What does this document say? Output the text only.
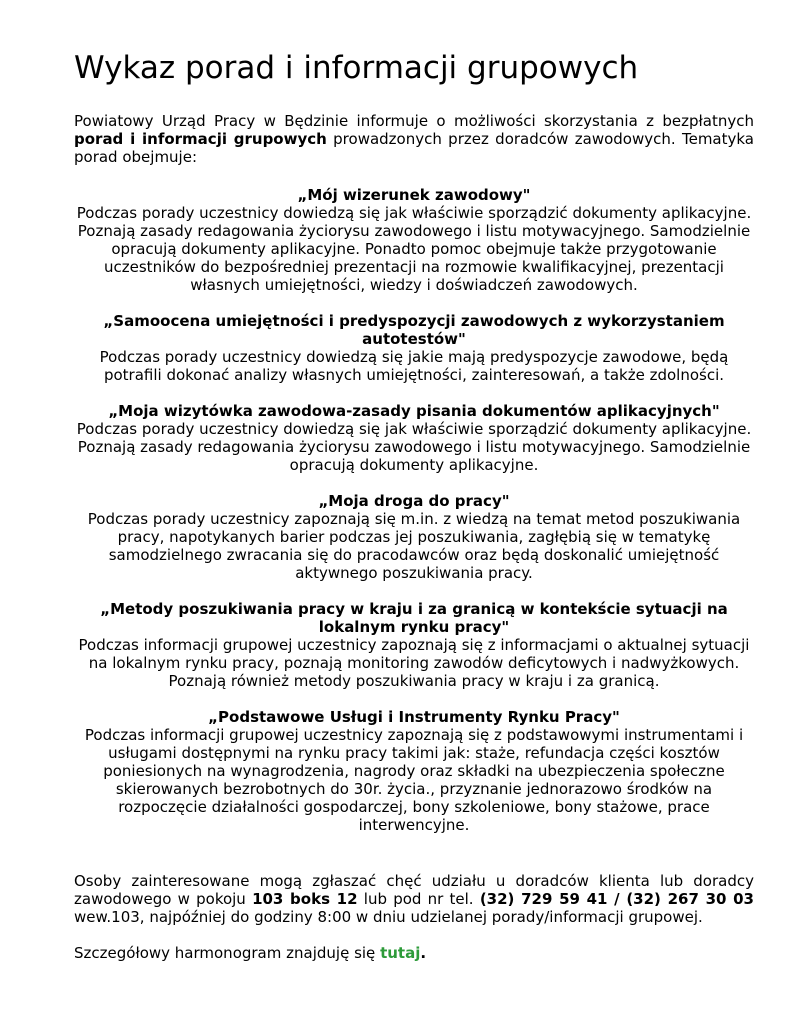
Wykaz porad i informacji grupowych

Powiatowy Urząd Pracy w Będzinie informuje o możliwości skorzystania z bezpłatnych porad i informacji grupowych prowadzonych przez doradców zawodowych. Tematyka porad obejmuje:

„Mój wizerunek zawodowy"
Podczas porady uczestnicy dowiedzą się jak właściwie sporządzić dokumenty aplikacyjne. Poznają zasady redagowania życiorysu zawodowego i listu motywacyjnego. Samodzielnie opracują dokumenty aplikacyjne. Ponadto pomoc obejmuje także przygotowanie uczestników do bezpośredniej prezentacji na rozmowie kwalifikacyjnej, prezentacji własnych umiejętności, wiedzy i doświadczeń zawodowych.
„Samoocena umiejętności i predyspozycji zawodowych z wykorzystaniem autotestów"
Podczas porady uczestnicy dowiedzą się jakie mają predyspozycje zawodowe, będą potrafili dokonać analizy własnych umiejętności, zainteresowań, a także zdolności.
„Moja wizytówka zawodowa-zasady pisania dokumentów aplikacyjnych"
Podczas porady uczestnicy dowiedzą się jak właściwie sporządzić dokumenty aplikacyjne. Poznają zasady redagowania życiorysu zawodowego i listu motywacyjnego. Samodzielnie opracują dokumenty aplikacyjne.
„Moja droga do pracy"
Podczas porady uczestnicy zapoznają się m.in. z wiedzą na temat metod poszukiwania pracy, napotykanych barier podczas jej poszukiwania, zagłębią się w tematykę samodzielnego zwracania się do pracodawców oraz będą doskonalić umiejętność aktywnego poszukiwania pracy.
„Metody poszukiwania pracy w kraju i za granicą w kontekście sytuacji na lokalnym rynku pracy"
Podczas informacji grupowej uczestnicy zapoznają się z informacjami o aktualnej sytuacji na lokalnym rynku pracy, poznają monitoring zawodów deficytowych i nadwyżkowych. Poznają również metody poszukiwania pracy w kraju i za granicą.
„Podstawowe Usługi i Instrumenty Rynku Pracy"
Podczas informacji grupowej uczestnicy zapoznają się z podstawowymi instrumentami i usługami dostępnymi na rynku pracy takimi jak: staże, refundacja części kosztów poniesionych na wynagrodzenia, nagrody oraz składki na ubezpieczenia społeczne skierowanych bezrobotnych do 30r. życia., przyznanie jednorazowo środków na rozpoczęcie działalności gospodarczej, bony szkoleniowe, bony stażowe, prace interwencyjne.

Osoby zainteresowane mogą zgłaszać chęć udziału u doradców klienta lub doradcy zawodowego w pokoju 103 boks 12 lub pod nr tel. (32) 729 59 41 / (32) 267 30 03 wew.103, najpóźniej do godziny 8:00 w dniu udzielanej porady/informacji grupowej.

Szczegółowy harmonogram znajduję się tutaj.
